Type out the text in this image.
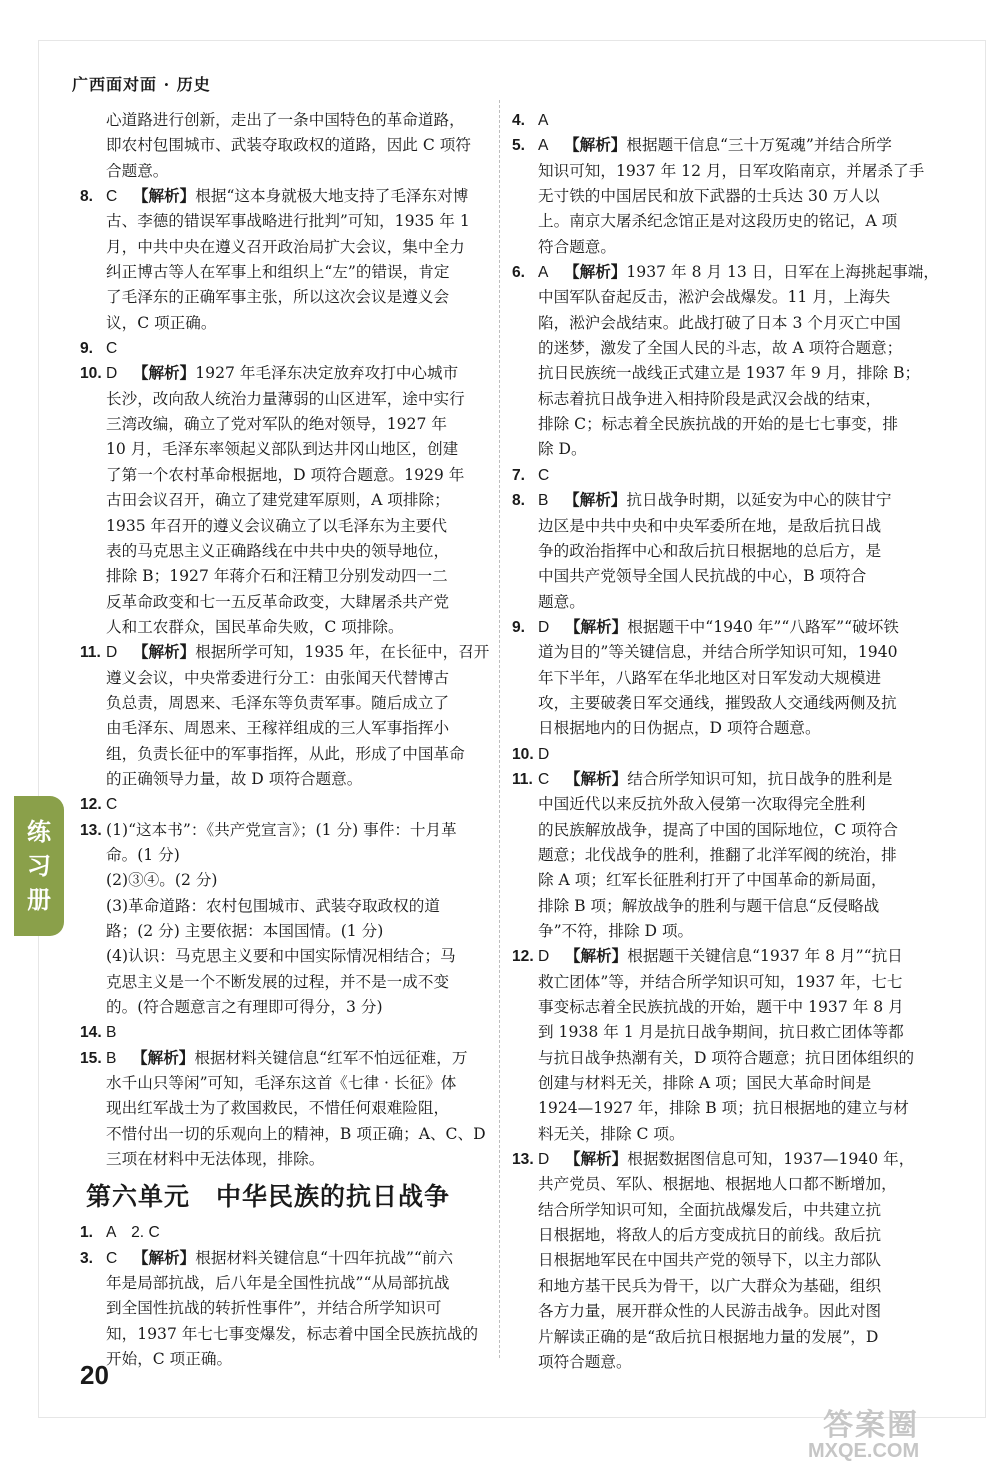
广西面对面 · 历史
心道路进行创新，走出了一条中国特色的革命道路，
即农村包围城市、武装夺取政权的道路，因此 C 项符
合题意。
8. C  【解析】根据“这本身就极大地支持了毛泽东对博
古、李德的错误军事战略进行批判”可知，1935 年 1
月，中共中央在遵义召开政治局扩大会议，集中全力
纠正博古等人在军事上和组织上“左”的错误，肯定
了毛泽东的正确军事主张，所以这次会议是遵义会
议，C 项正确。
9. C
10. D  【解析】1927 年毛泽东决定放弃攻打中心城市
长沙，改向敌人统治力量薄弱的山区进军，途中实行
三湾改编，确立了党对军队的绝对领导，1927 年
10 月，毛泽东率领起义部队到达井冈山地区，创建
了第一个农村革命根据地，D 项符合题意。1929 年
古田会议召开，确立了建党建军原则，A 项排除；
1935 年召开的遵义会议确立了以毛泽东为主要代
表的马克思主义正确路线在中共中央的领导地位，
排除 B；1927 年蒋介石和汪精卫分别发动四一二
反革命政变和七一五反革命政变，大肆屠杀共产党
人和工农群众，国民革命失败，C 项排除。
11. D  【解析】根据所学可知，1935 年，在长征中，召开
遵义会议，中央常委进行分工：由张闻天代替博古
负总责，周恩来、毛泽东等负责军事。随后成立了
由毛泽东、周恩来、王稼祥组成的三人军事指挥小
组，负责长征中的军事指挥，从此，形成了中国革命
的正确领导力量，故 D 项符合题意。
12. C
13. (1)“这本书”：《共产党宣言》；(1 分) 事件：十月革
命。(1 分)
(2)③④。(2 分)
(3)革命道路：农村包围城市、武装夺取政权的道
路；(2 分) 主要依据：本国国情。(1 分)
(4)认识：马克思主义要和中国实际情况相结合；马
克思主义是一个不断发展的过程，并不是一成不变
的。(符合题意言之有理即可得分，3 分)
14. B
15. B  【解析】根据材料关键信息“红军不怕远征难，万
水千山只等闲”可知，毛泽东这首《七律 · 长征》体
现出红军战士为了救国救民，不惜任何艰难险阻，
不惜付出一切的乐观向上的精神，B 项正确；A、C、D
三项在材料中无法体现，排除。
第六单元　中华民族的抗日战争
1. A　2. C
3. C  【解析】根据材料关键信息“十四年抗战”“前六
年是局部抗战，后八年是全国性抗战”“从局部抗战
到全国性抗战的转折性事件”，并结合所学知识可
知，1937 年七七事变爆发，标志着中国全民族抗战的
开始，C 项正确。
4. A
5. A  【解析】根据题干信息“三十万冤魂”并结合所学
知识可知，1937 年 12 月，日军攻陷南京，并屠杀了手
无寸铁的中国居民和放下武器的士兵达 30 万人以
上。南京大屠杀纪念馆正是对这段历史的铭记，A 项
符合题意。
6. A  【解析】1937 年 8 月 13 日，日军在上海挑起事端，
中国军队奋起反击，淞沪会战爆发。11 月，上海失
陷，淞沪会战结束。此战打破了日本 3 个月灭亡中国
的迷梦，激发了全国人民的斗志，故 A 项符合题意；
抗日民族统一战线正式建立是 1937 年 9 月，排除 B；
标志着抗日战争进入相持阶段是武汉会战的结束，
排除 C；标志着全民族抗战的开始的是七七事变，排
除 D。
7. C
8. B  【解析】抗日战争时期，以延安为中心的陕甘宁
边区是中共中央和中央军委所在地，是敌后抗日战
争的政治指挥中心和敌后抗日根据地的总后方，是
中国共产党领导全国人民抗战的中心，B 项符合
题意。
9. D  【解析】根据题干中“1940 年”“八路军”“破坏铁
道为目的”等关键信息，并结合所学知识可知，1940
年下半年，八路军在华北地区对日军发动大规模进
攻，主要破袭日军交通线，摧毁敌人交通线两侧及抗
日根据地内的日伪据点，D 项符合题意。
10. D
11. C  【解析】结合所学知识可知，抗日战争的胜利是
中国近代以来反抗外敌入侵第一次取得完全胜利
的民族解放战争，提高了中国的国际地位，C 项符合
题意；北伐战争的胜利，推翻了北洋军阀的统治，排
除 A 项；红军长征胜利打开了中国革命的新局面，
排除 B 项；解放战争的胜利与题干信息“反侵略战
争”不符，排除 D 项。
12. D  【解析】根据题干关键信息“1937 年 8 月”“抗日
救亡团体”等，并结合所学知识可知，1937 年，七七
事变标志着全民族抗战的开始，题干中 1937 年 8 月
到 1938 年 1 月是抗日战争期间，抗日救亡团体等都
与抗日战争热潮有关，D 项符合题意；抗日团体组织的
创建与材料无关，排除 A 项；国民大革命时间是
1924—1927 年，排除 B 项；抗日根据地的建立与材
料无关，排除 C 项。
13. D  【解析】根据数据图信息可知，1937—1940 年，
共产党员、军队、根据地、根据地人口都不断增加，
结合所学知识可知，全面抗战爆发后，中共建立抗
日根据地，将敌人的后方变成抗日的前线。敌后抗
日根据地军民在中国共产党的领导下，以主力部队
和地方基干民兵为骨干，以广大群众为基础，组织
各方力量，展开群众性的人民游击战争。因此对图
片解读正确的是“敌后抗日根据地力量的发展”，D
项符合题意。
练
习
册
20
答案圈
MXQE.COM
